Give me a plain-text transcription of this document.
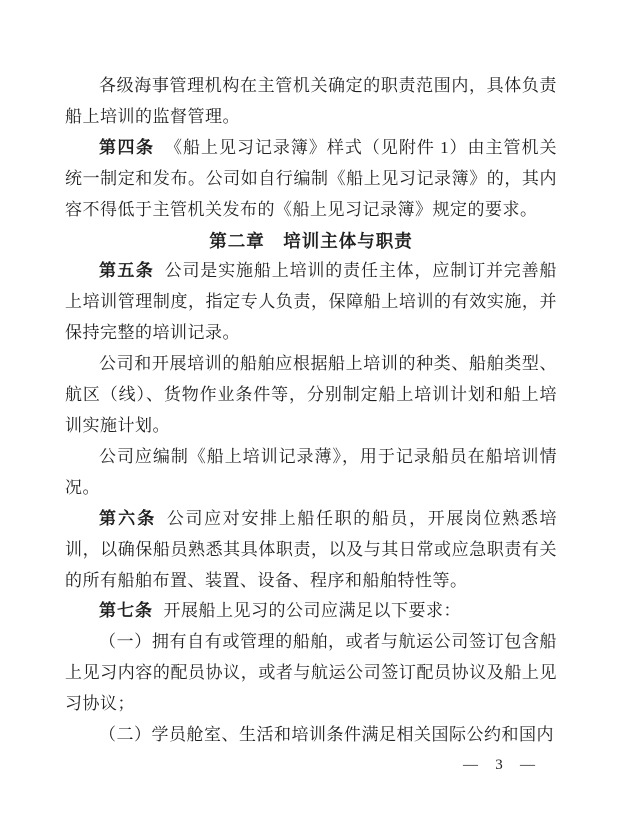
各级海事管理机构在主管机关确定的职责范围内，具体负责船上培训的监督管理。

第四条 《船上见习记录簿》样式（见附件 1）由主管机关统一制定和发布。公司如自行编制《船上见习记录簿》的，其内容不得低于主管机关发布的《船上见习记录簿》规定的要求。

第二章　培训主体与职责

第五条 公司是实施船上培训的责任主体，应制订并完善船上培训管理制度，指定专人负责，保障船上培训的有效实施，并保持完整的培训记录。

公司和开展培训的船舶应根据船上培训的种类、船舶类型、航区（线）、货物作业条件等，分别制定船上培训计划和船上培训实施计划。

公司应编制《船上培训记录薄》，用于记录船员在船培训情况。

第六条 公司应对安排上船任职的船员，开展岗位熟悉培训，以确保船员熟悉其具体职责，以及与其日常或应急职责有关的所有船舶布置、装置、设备、程序和船舶特性等。

第七条 开展船上见习的公司应满足以下要求：

（一）拥有自有或管理的船舶，或者与航运公司签订包含船上见习内容的配员协议，或者与航运公司签订配员协议及船上见习协议；

（二）学员舱室、生活和培训条件满足相关国际公约和国内

— 3 —
